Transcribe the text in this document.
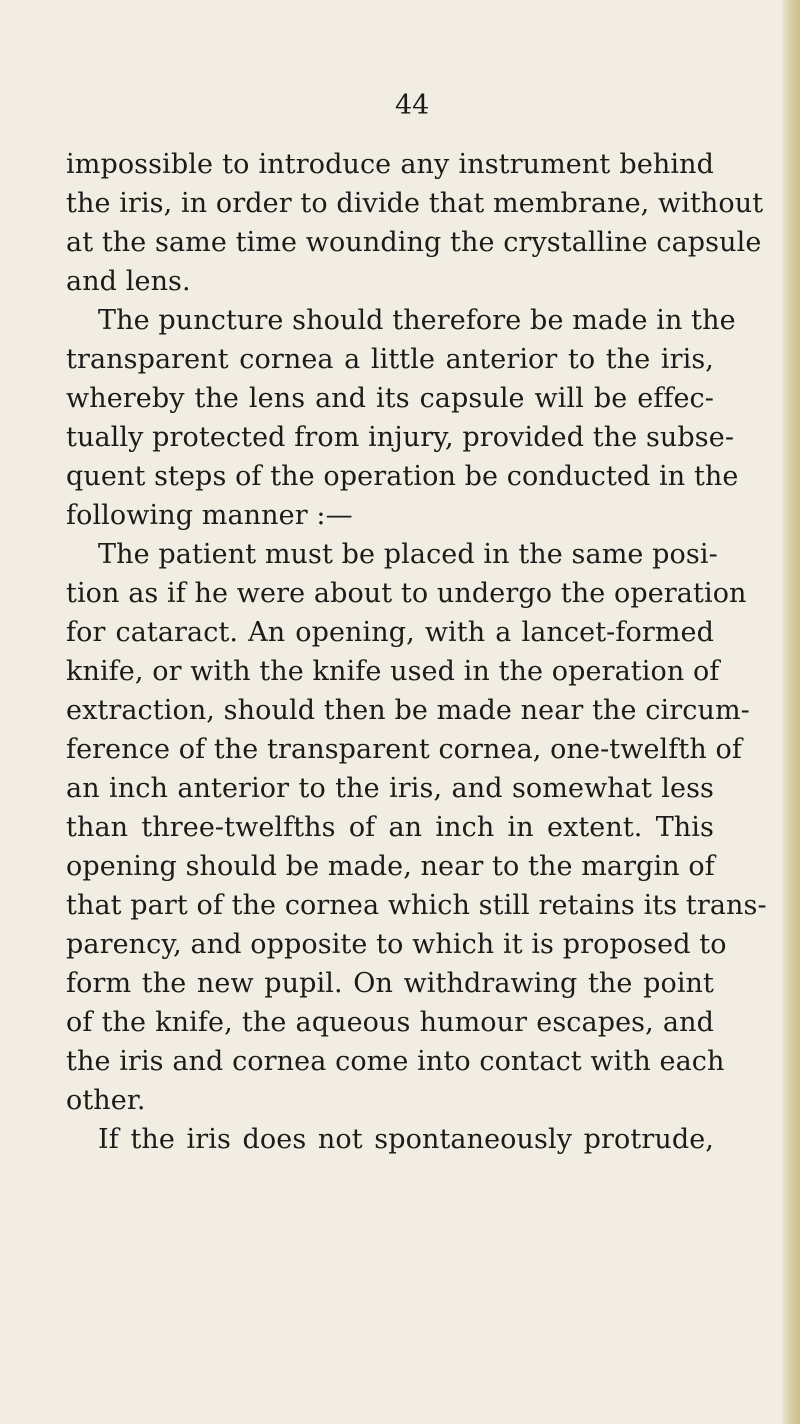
44
impossible to introduce any instrument behind
the iris, in order to divide that membrane, without
at the same time wounding the crystalline capsule
and lens.
The puncture should therefore be made in the
transparent cornea a little anterior to the iris,
whereby the lens and its capsule will be effec-
tually protected from injury, provided the subse-
quent steps of the operation be conducted in the
following manner :—
The patient must be placed in the same posi-
tion as if he were about to undergo the operation
for cataract. An opening, with a lancet-formed
knife, or with the knife used in the operation of
extraction, should then be made near the circum-
ference of the transparent cornea, one-twelfth of
an inch anterior to the iris, and somewhat less
than three-twelfths of an inch in extent. This
opening should be made, near to the margin of
that part of the cornea which still retains its trans-
parency, and opposite to which it is proposed to
form the new pupil. On withdrawing the point
of the knife, the aqueous humour escapes, and
the iris and cornea come into contact with each
other.
If the iris does not spontaneously protrude,
